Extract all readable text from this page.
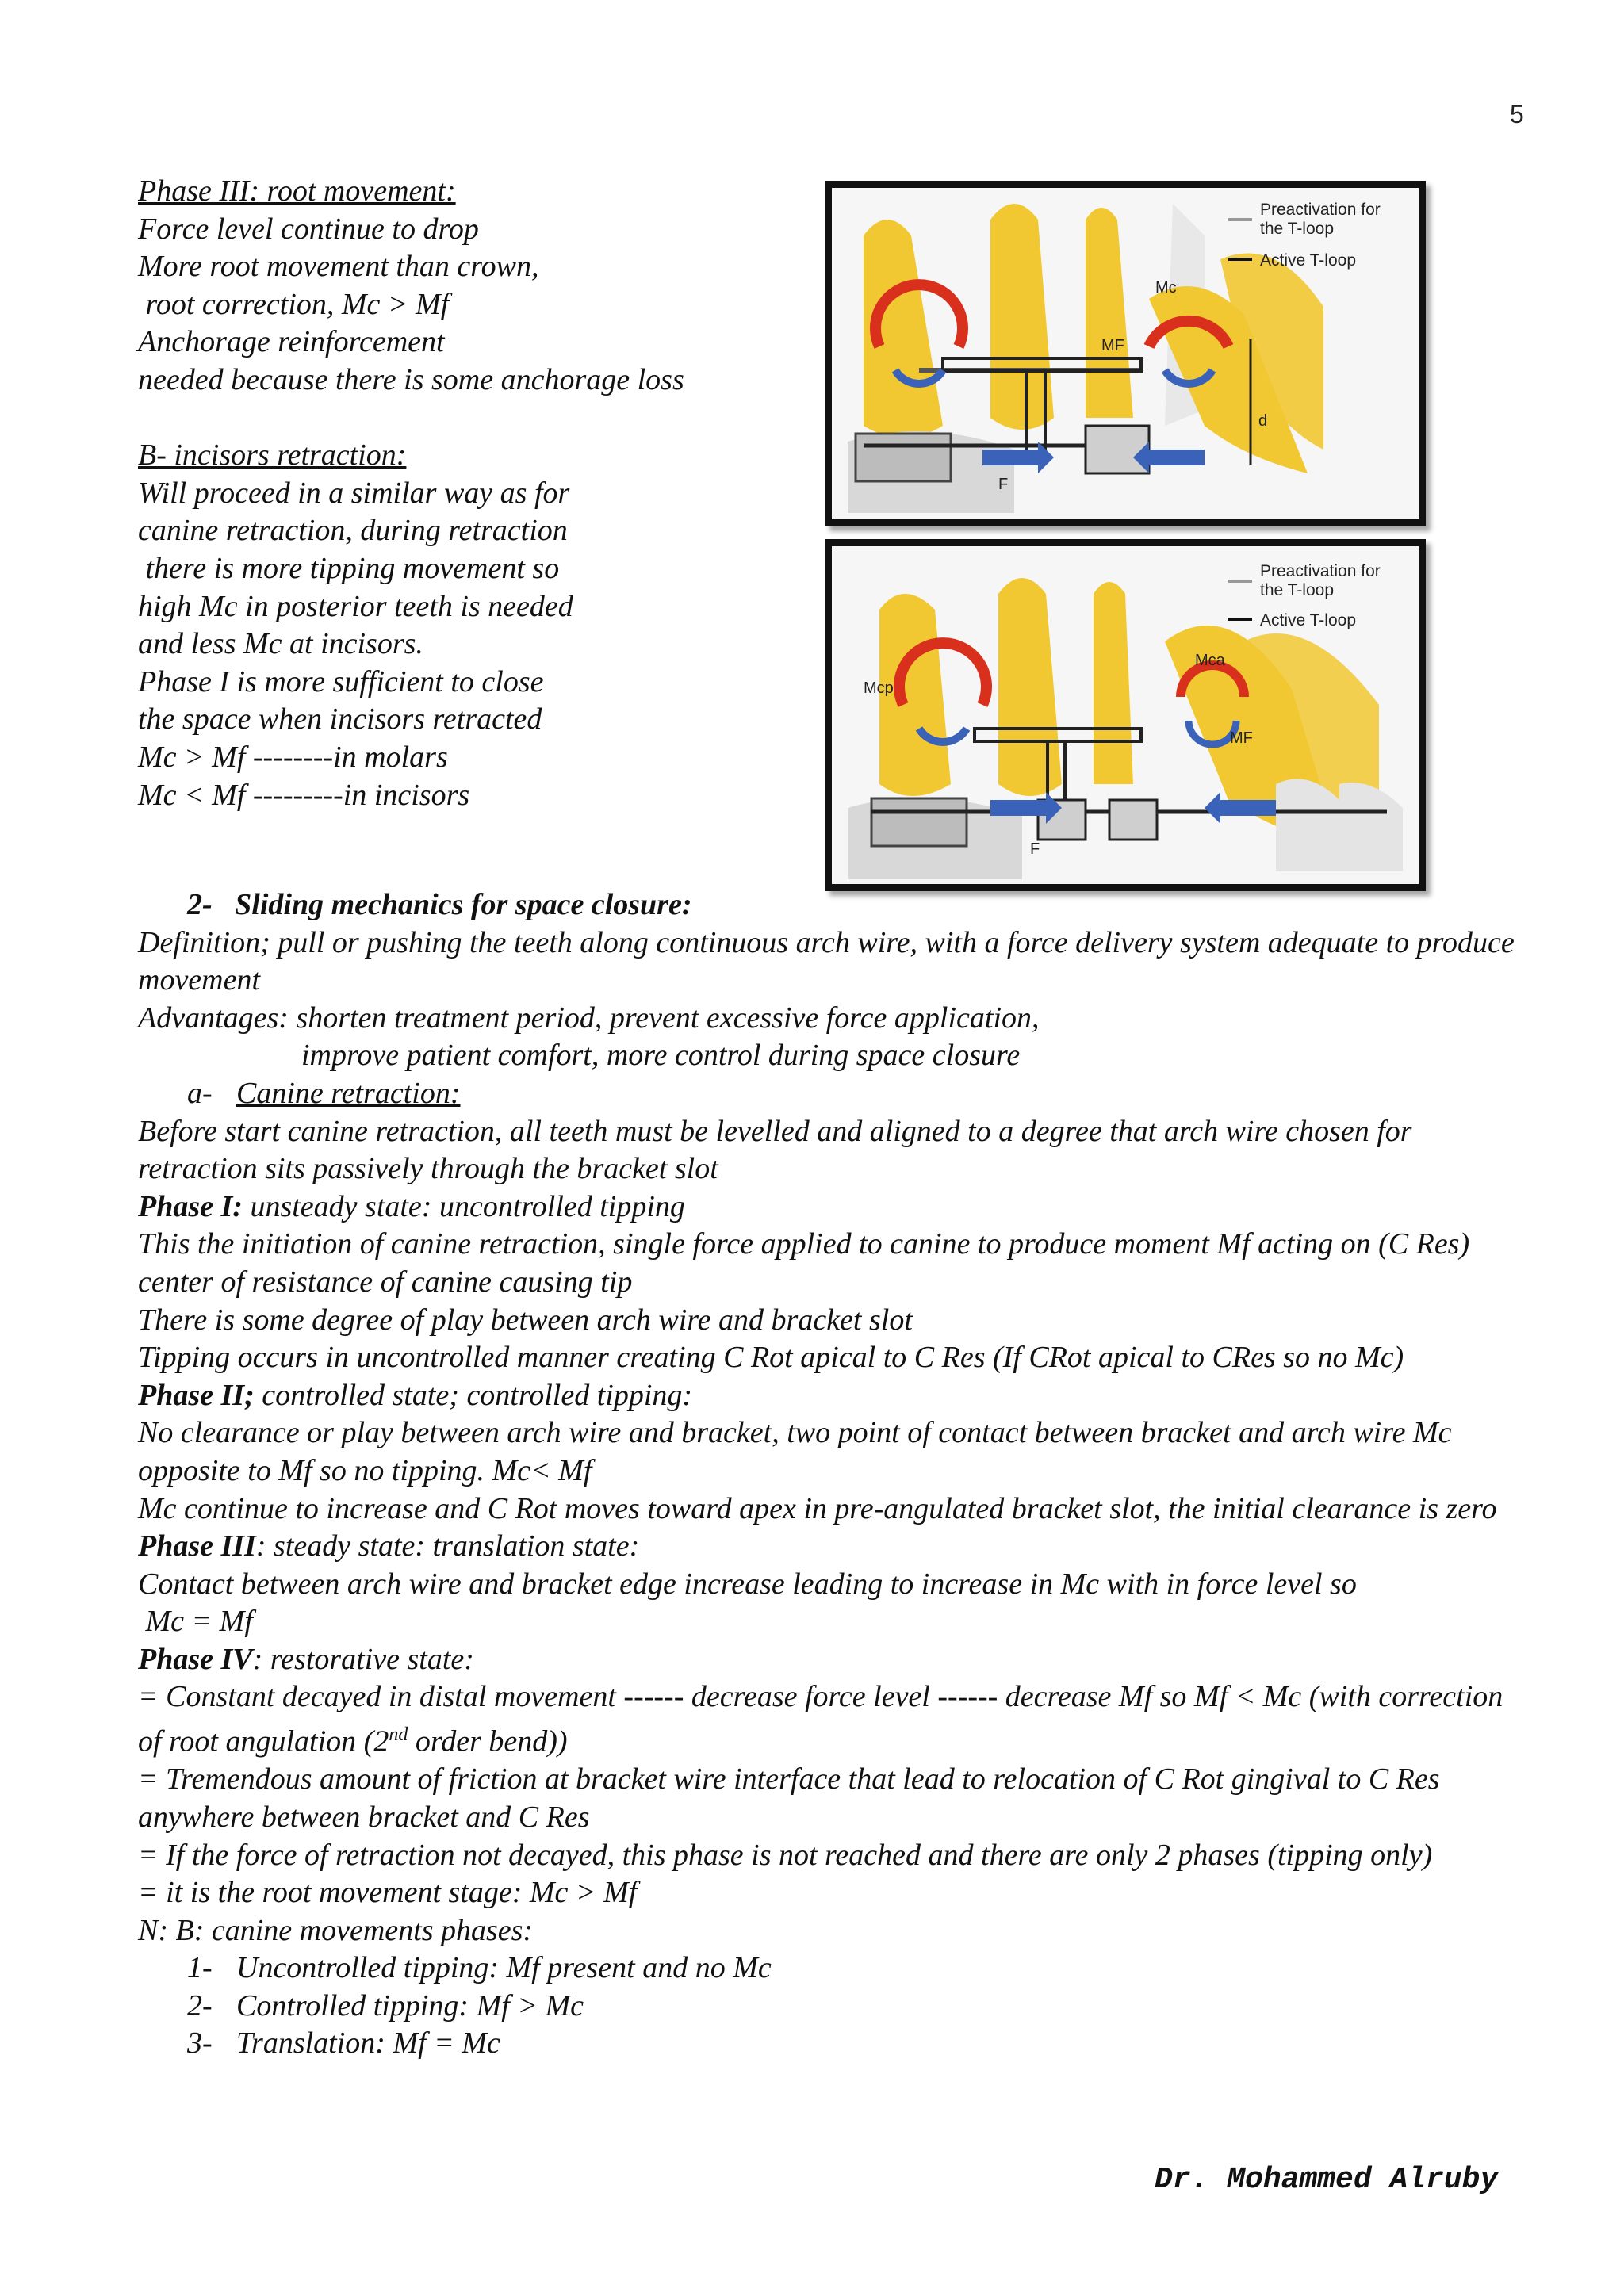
5

Phase III: root movement:

Force level continue to drop

More root movement than crown,

root correction, Mc > Mf

Anchorage reinforcement

needed because there is some anchorage loss

B- incisors retraction:

Will proceed in a similar way as for

canine retraction, during retraction

there is more tipping movement so

high Mc in posterior teeth is needed

and less Mc at incisors.

Phase I is more sufficient to close

the space when incisors retracted

Mc > Mf --------in molars

Mc < Mf ---------in incisors

Preactivation for
the T-loop
Active T-loop
Mc
MF
F
d
Preactivation for
the T-loop
Active T-loop
Mcp
Mca
MF
F

2-   Sliding mechanics for space closure:

Definition; pull or pushing the teeth along continuous arch wire, with a force delivery system adequate to produce movement

Advantages: shorten treatment period, prevent excessive force application,

improve patient comfort, more control during space closure

a- Canine retraction:

Before start canine retraction, all teeth must be levelled and aligned to a degree that arch wire chosen for retraction sits passively through the bracket slot

Phase I: unsteady state: uncontrolled tipping

This the initiation of canine retraction, single force applied to canine to produce moment Mf acting on (C Res) center of resistance of canine causing tip

There is some degree of play between arch wire and bracket slot

Tipping occurs in uncontrolled manner creating C Rot apical to C Res (If CRot apical to CRes so no Mc)

Phase II; controlled state; controlled tipping:

No clearance or play between arch wire and bracket, two point of contact between bracket and arch wire Mc opposite to Mf so no tipping. Mc< Mf

Mc continue to increase and C Rot moves toward apex in pre-angulated bracket slot, the initial clearance is zero

Phase III: steady state: translation state:

Contact between arch wire and bracket edge increase leading to increase in Mc with in force level so

Mc = Mf

Phase IV: restorative state:

= Constant decayed in distal movement ------ decrease force level ------ decrease Mf so Mf < Mc (with correction of root angulation (2nd order bend))

= Tremendous amount of friction at bracket wire interface that lead to relocation of C Rot gingival to C Res anywhere between bracket and C Res

= If the force of retraction not decayed, this phase is not reached and there are only 2 phases (tipping only)

= it is the root movement stage: Mc > Mf

N: B: canine movements phases:

1- Uncontrolled tipping: Mf present and no Mc

2- Controlled tipping: Mf > Mc

3- Translation: Mf = Mc

Dr. Mohammed Alruby
